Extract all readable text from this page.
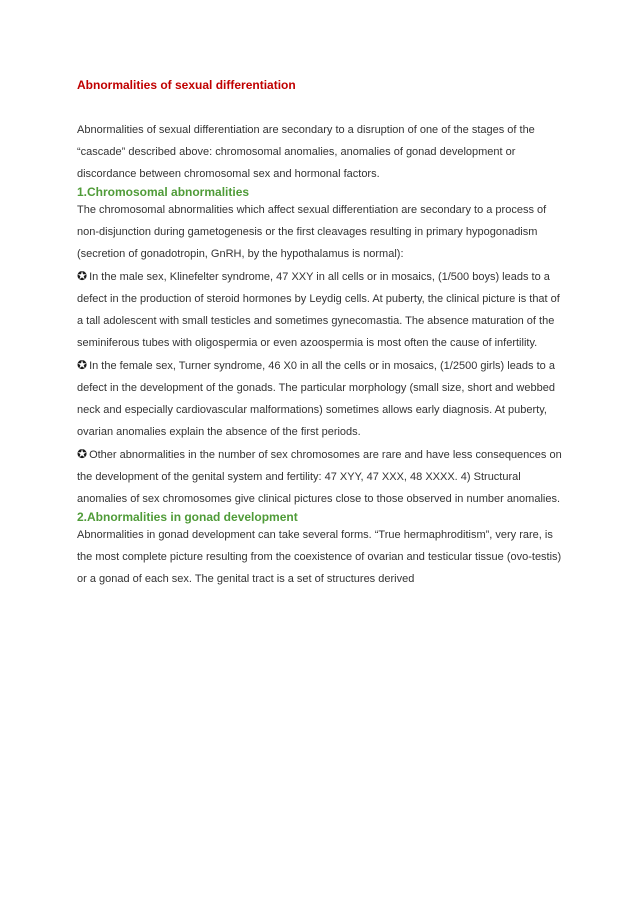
Abnormalities of sexual differentiation

Abnormalities of sexual differentiation are secondary to a disruption of one of the stages of the “cascade” described above: chromosomal anomalies, anomalies of gonad development or discordance between chromosomal sex and hormonal factors.

1.Chromosomal abnormalities

The chromosomal abnormalities which affect sexual differentiation are secondary to a process of non-disjunction during gametogenesis or the first cleavages resulting in primary hypogonadism (secretion of gonadotropin, GnRH, by the hypothalamus is normal):

✪ In the male sex, Klinefelter syndrome, 47 XXY in all cells or in mosaics, (1/500 boys) leads to a defect in the production of steroid hormones by Leydig cells. At puberty, the clinical picture is that of a tall adolescent with small testicles and sometimes gynecomastia. The absence maturation of the seminiferous tubes with oligospermia or even azoospermia is most often the cause of infertility.

✪ In the female sex, Turner syndrome, 46 X0 in all the cells or in mosaics, (1/2500 girls) leads to a defect in the development of the gonads. The particular morphology (small size, short and webbed neck and especially cardiovascular malformations) sometimes allows early diagnosis. At puberty, ovarian anomalies explain the absence of the first periods.

✪ Other abnormalities in the number of sex chromosomes are rare and have less consequences on the development of the genital system and fertility: 47 XYY, 47 XXX, 48 XXXX. 4) Structural anomalies of sex chromosomes give clinical pictures close to those observed in number anomalies.

2.Abnormalities in gonad development

Abnormalities in gonad development can take several forms. “True hermaphroditism”, very rare, is the most complete picture resulting from the coexistence of ovarian and testicular tissue (ovo-testis) or a gonad of each sex. The genital tract is a set of structures derived
